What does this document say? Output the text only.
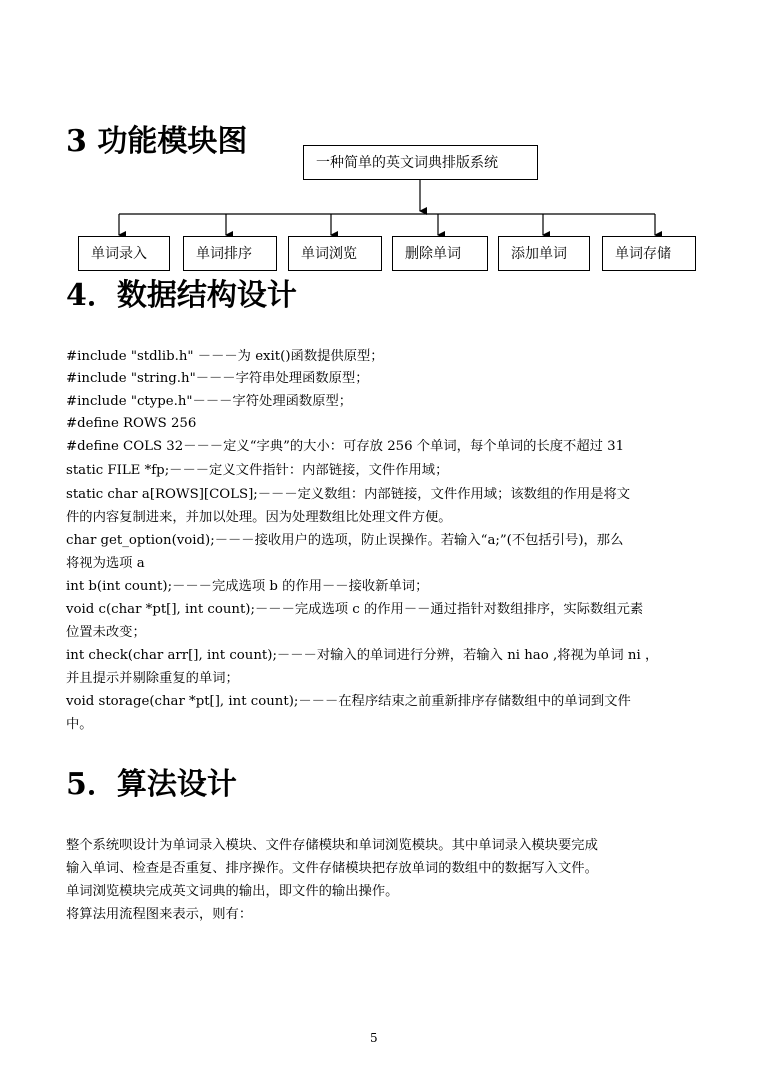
3 功能模块图
一种简单的英文词典排版系统
单词录入	单词排序	单词浏览	删除单词	添加单词	单词存储
4．数据结构设计
#include "stdlib.h" －－－为 exit()函数提供原型；
#include "string.h"－－－字符串处理函数原型；
#include "ctype.h"－－－字符处理函数原型；
#define ROWS 256
#define COLS 32－－－定义“字典”的大小：可存放 256 个单词，每个单词的长度不超过 31
static FILE *fp;－－－定义文件指针：内部链接，文件作用域；
static char a[ROWS][COLS];－－－定义数组：内部链接，文件作用域；该数组的作用是将文
件的内容复制进来，并加以处理。因为处理数组比处理文件方便。
char get_option(void);－－－接收用户的选项，防止误操作。若输入“a;”(不包括引号)，那么
将视为选项 a
int b(int count);－－－完成选项 b 的作用－－接收新单词；
void c(char *pt[], int count);－－－完成选项 c 的作用－－通过指针对数组排序，实际数组元素
位置未改变；
int check(char arr[], int count);－－－对输入的单词进行分辨，若输入 ni hao ,将视为单词 ni ，
并且提示并剔除重复的单词；
void storage(char *pt[], int count);－－－在程序结束之前重新排序存储数组中的单词到文件
中。
5．算法设计
整个系统呗设计为单词录入模块、文件存储模块和单词浏览模块。其中单词录入模块要完成
输入单词、检查是否重复、排序操作。文件存储模块把存放单词的数组中的数据写入文件。
单词浏览模块完成英文词典的输出，即文件的输出操作。
将算法用流程图来表示，则有：
5
